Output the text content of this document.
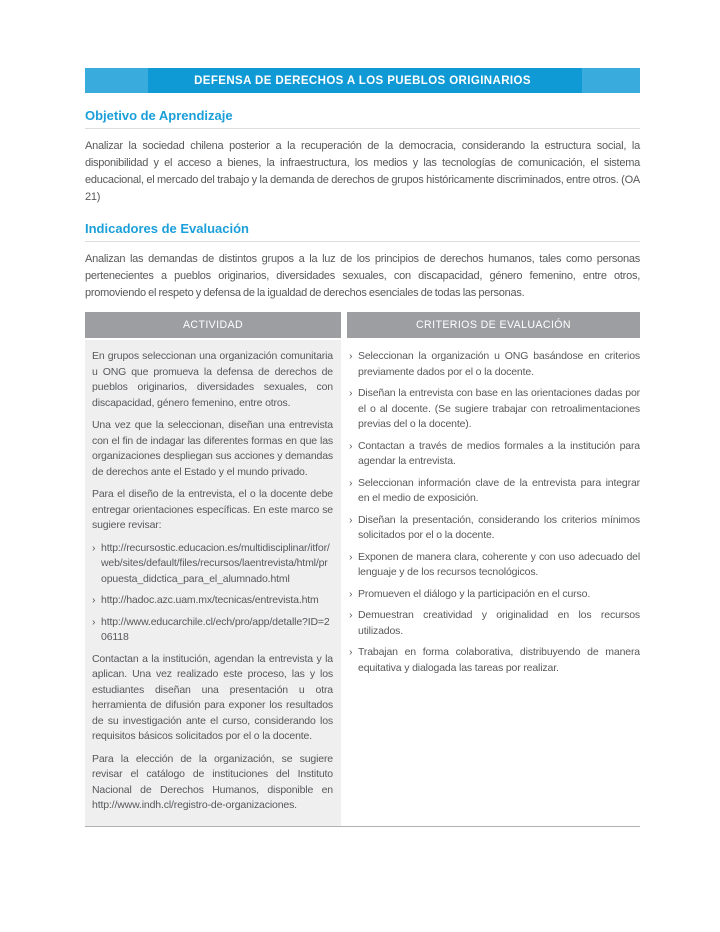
DEFENSA DE DERECHOS A LOS PUEBLOS ORIGINARIOS
Objetivo de Aprendizaje

Analizar la sociedad chilena posterior a la recuperación de la democracia, considerando la estructura social, la disponibilidad y el acceso a bienes, la infraestructura, los medios y las tecnologías de comunicación, el sistema educacional, el mercado del trabajo y la demanda de derechos de grupos históricamente discriminados, entre otros. (OA 21)

Indicadores de Evaluación

Analizan las demandas de distintos grupos a la luz de los principios de derechos humanos, tales como personas pertenecientes a pueblos originarios, diversidades sexuales, con discapacidad, género femenino, entre otros, promoviendo el respeto y defensa de la igualdad de derechos esenciales de todas las personas.

ACTIVIDAD	CRITERIOS DE EVALUACIÓN

En grupos seleccionan una organización comunitaria u ONG que promueva la defensa de derechos de pueblos originarios, diversidades sexuales, con discapacidad, género femenino, entre otros.

Una vez que la seleccionan, diseñan una entrevista con el fin de indagar las diferentes formas en que las organizaciones despliegan sus acciones y demandas de derechos ante el Estado y el mundo privado.

Para el diseño de la entrevista, el o la docente debe entregar orientaciones específicas. En este marco se sugiere revisar:

› http://recursostic.educacion.es/multidisciplinar/itfor/web/sites/default/files/recursos/laentrevista/html/propuesta_didctica_para_el_alumnado.html
› http://hadoc.azc.uam.mx/tecnicas/entrevista.htm
› http://www.educarchile.cl/ech/pro/app/detalle?ID=206118

Contactan a la institución, agendan la entrevista y la aplican. Una vez realizado este proceso, las y los estudiantes diseñan una presentación u otra herramienta de difusión para exponer los resultados de su investigación ante el curso, considerando los requisitos básicos solicitados por el o la docente.

Para la elección de la organización, se sugiere revisar el catálogo de instituciones del Instituto Nacional de Derechos Humanos, disponible en http://www.indh.cl/registro-de-organizaciones.

› Seleccionan la organización u ONG basándose en criterios previamente dados por el o la docente.
› Diseñan la entrevista con base en las orientaciones dadas por el o al docente. (Se sugiere trabajar con retroalimentaciones previas del o la docente).
› Contactan a través de medios formales a la institución para agendar la entrevista.
› Seleccionan información clave de la entrevista para integrar en el medio de exposición.
› Diseñan la presentación, considerando los criterios mínimos solicitados por el o la docente.
› Exponen de manera clara, coherente y con uso adecuado del lenguaje y de los recursos tecnológicos.
› Promueven el diálogo y la participación en el curso.
› Demuestran creatividad y originalidad en los recursos utilizados.
› Trabajan en forma colaborativa, distribuyendo de manera equitativa y dialogada las tareas por realizar.
